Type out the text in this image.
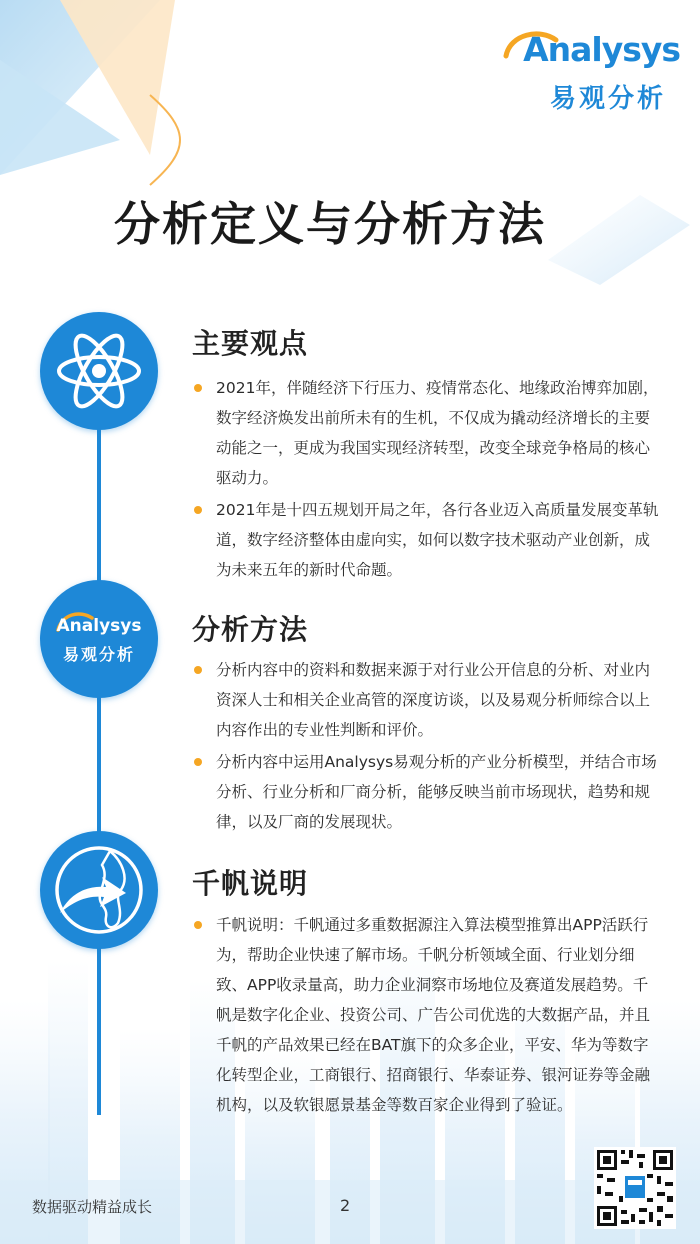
Analysys
易观分析
分析定义与分析方法
主要观点
2021年，伴随经济下行压力、疫情常态化、地缘政治博弈加剧，数字经济焕发出前所未有的生机，不仅成为撬动经济增长的主要动能之一，更成为我国实现经济转型，改变全球竞争格局的核心驱动力。
2021年是十四五规划开局之年，各行各业迈入高质量发展变革轨道，数字经济整体由虚向实，如何以数字技术驱动产业创新，成为未来五年的新时代命题。
Analysys
易观分析
分析方法
分析内容中的资料和数据来源于对行业公开信息的分析、对业内资深人士和相关企业高管的深度访谈，以及易观分析师综合以上内容作出的专业性判断和评价。
分析内容中运用Analysys易观分析的产业分析模型，并结合市场分析、行业分析和厂商分析，能够反映当前市场现状，趋势和规律，以及厂商的发展现状。
千帆说明
千帆说明：千帆通过多重数据源注入算法模型推算出APP活跃行为，帮助企业快速了解市场。千帆分析领域全面、行业划分细致、APP收录量高，助力企业洞察市场地位及赛道发展趋势。千帆是数字化企业、投资公司、广告公司优选的大数据产品，并且千帆的产品效果已经在BAT旗下的众多企业，平安、华为等数字化转型企业，工商银行、招商银行、华泰证券、银河证券等金融机构，以及软银愿景基金等数百家企业得到了验证。
数据驱动精益成长	2
